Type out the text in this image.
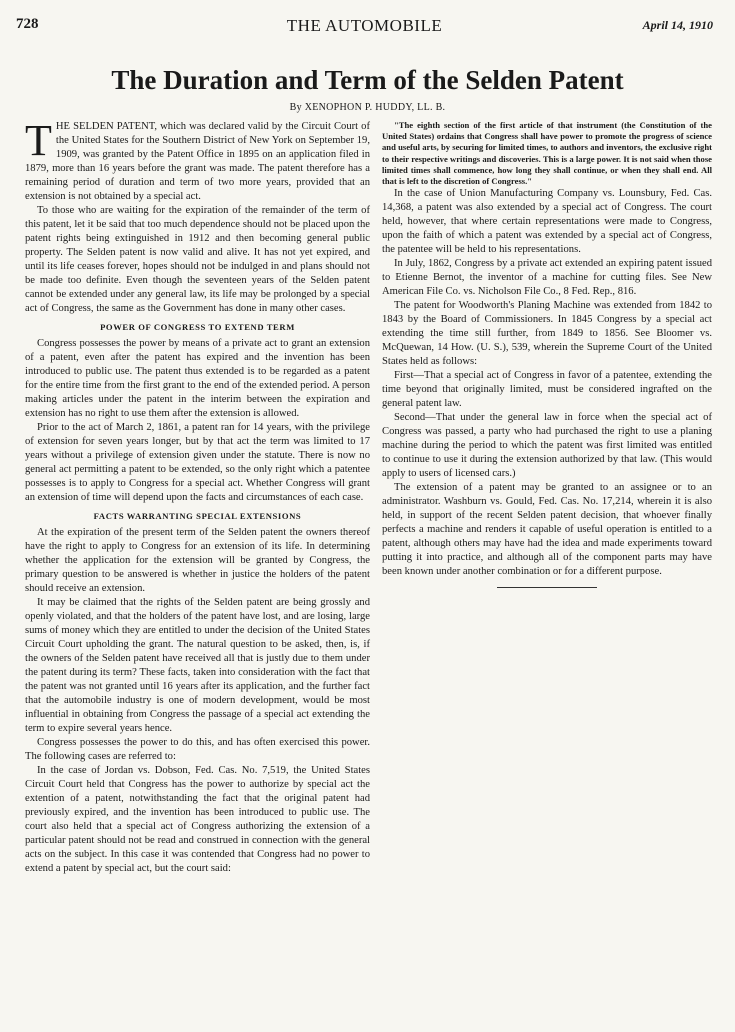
728	THE AUTOMOBILE	April 14, 1910
The Duration and Term of the Selden Patent
By XENOPHON P. HUDDY, LL. B.

THE SELDEN PATENT, which was declared valid by the Circuit Court of the United States for the Southern District of New York on September 19, 1909, was granted by the Patent Office in 1895 on an application filed in 1879, more than 16 years before the grant was made. The patent therefore has a remaining period of duration and term of two more years, provided that an extension is not obtained by a special act.

To those who are waiting for the expiration of the remainder of the term of this patent, let it be said that too much dependence should not be placed upon the patent rights being extinguished in 1912 and then becoming general public property. The Selden patent is now valid and alive. It has not yet expired, and until its life ceases forever, hopes should not be indulged in and plans should not be made too definite. Even though the seventeen years of the Selden patent cannot be extended under any general law, its life may be prolonged by a special act of Congress, the same as the Government has done in many other cases.

POWER OF CONGRESS TO EXTEND TERM

Congress possesses the power by means of a private act to grant an extension of a patent, even after the patent has expired and the invention has been introduced to public use. The patent thus extended is to be regarded as a patent for the entire time from the first grant to the end of the extended period. A person making articles under the patent in the interim between the expiration and extension has no right to use them after the extension is allowed.

Prior to the act of March 2, 1861, a patent ran for 14 years, with the privilege of extension for seven years longer, but by that act the term was limited to 17 years without a privilege of extension given under the statute. There is now no general act permitting a patent to be extended, so the only right which a patentee possesses is to apply to Congress for a special act. Whether Congress will grant an extension of time will depend upon the facts and circumstances of each case.

FACTS WARRANTING SPECIAL EXTENSIONS

At the expiration of the present term of the Selden patent the owners thereof have the right to apply to Congress for an extension of its life. In determining whether the application for the extension will be granted by Congress, the primary question to be answered is whether in justice the holders of the patent should receive an extension.

It may be claimed that the rights of the Selden patent are being grossly and openly violated, and that the holders of the patent have lost, and are losing, large sums of money which they are entitled to under the decision of the United States Circuit Court upholding the grant. The natural question to be asked, then, is, if the owners of the Selden patent have received all that is justly due to them under the patent during its term? These facts, taken into consideration with the fact that the patent was not granted until 16 years after its application, and the further fact that the automobile industry is one of modern development, would be most influential in obtaining from Congress the passage of a special act extending the term to expire several years hence.

Congress possesses the power to do this, and has often exercised this power. The following cases are referred to:

In the case of Jordan vs. Dobson, Fed. Cas. No. 7,519, the United States Circuit Court held that Congress has the power to authorize by special act the extention of a patent, notwithstanding the fact that the original patent had previously expired, and the invention has been introduced to public use. The court also held that a special act of Congress authorizing the extension of a particular patent should not be read and construed in connection with the general acts on the subject. In this case it was contended that Congress had no power to extend a patent by special act, but the court said:

"The eighth section of the first article of that instrument (the Constitution of the United States) ordains that Congress shall have power to promote the progress of science and useful arts, by securing for limited times, to authors and inventors, the exclusive right to their respective writings and discoveries. This is a large power. It is not said when those limited times shall commence, how long they shall continue, or when they shall end. All that is left to the discretion of Congress."

In the case of Union Manufacturing Company vs. Lounsbury, Fed. Cas. 14,368, a patent was also extended by a special act of Congress. The court held, however, that where certain representations were made to Congress, upon the faith of which a patent was extended by a special act of Congress, the patentee will be held to his representations.

In July, 1862, Congress by a private act extended an expiring patent issued to Etienne Bernot, the inventor of a machine for cutting files. See New American File Co. vs. Nicholson File Co., 8 Fed. Rep., 816.

The patent for Woodworth's Planing Machine was extended from 1842 to 1843 by the Board of Commissioners. In 1845 Congress by a special act extending the time still further, from 1849 to 1856. See Bloomer vs. McQuewan, 14 How. (U. S.), 539, wherein the Supreme Court of the United States held as follows:

First—That a special act of Congress in favor of a patentee, extending the time beyond that originally limited, must be considered ingrafted on the general patent law.

Second—That under the general law in force when the special act of Congress was passed, a party who had purchased the right to use a planing machine during the period to which the patent was first limited was entitled to continue to use it during the extension authorized by that law. (This would apply to users of licensed cars.)

The extension of a patent may be granted to an assignee or to an administrator. Washburn vs. Gould, Fed. Cas. No. 17,214, wherein it is also held, in support of the recent Selden patent decision, that whoever finally perfects a machine and renders it capable of useful operation is entitled to a patent, although others may have had the idea and made experiments toward putting it into practice, and although all of the component parts may have been known under another combination or for a different purpose.
